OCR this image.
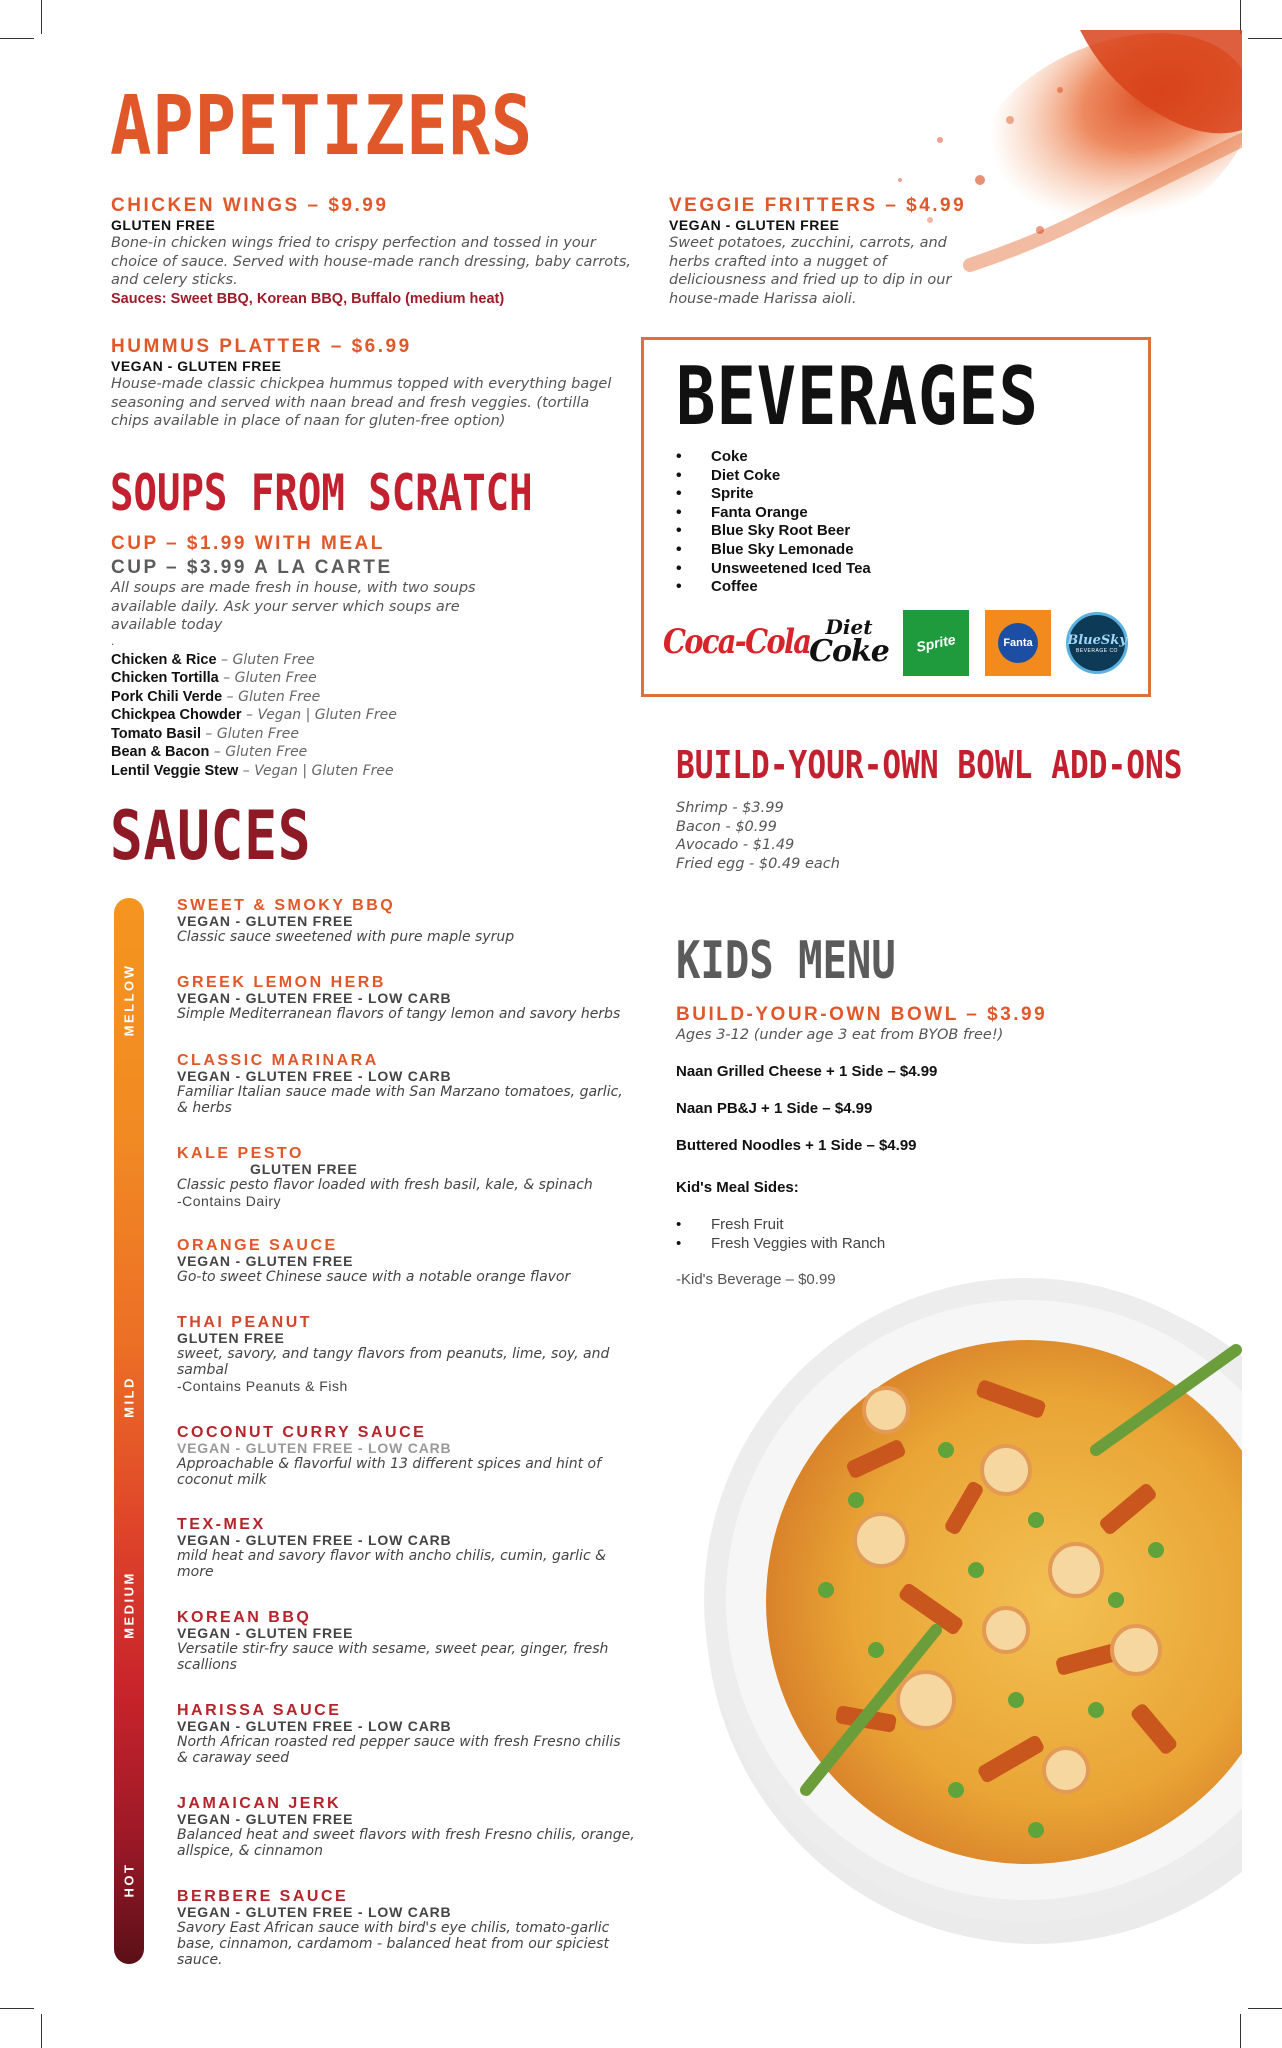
APPETIZERS
CHICKEN WINGS – $9.99
GLUTEN FREE
Bone-in chicken wings fried to crispy perfection and tossed in your choice of sauce. Served with house-made ranch dressing, baby carrots, and celery sticks.
Sauces: Sweet BBQ, Korean BBQ, Buffalo (medium heat)
HUMMUS PLATTER – $6.99
VEGAN - GLUTEN FREE
House-made classic chickpea hummus topped with everything bagel seasoning and served with naan bread and fresh veggies. (tortilla chips available in place of naan for gluten-free option)
VEGGIE FRITTERS – $4.99
VEGAN - GLUTEN FREE
Sweet potatoes, zucchini, carrots, and herbs crafted into a nugget of deliciousness and fried up to dip in our house-made Harissa aioli.
SOUPS FROM SCRATCH
CUP – $1.99 WITH MEAL
CUP – $3.99 A LA CARTE
All soups are made fresh in house, with two soups available daily. Ask your server which soups are available today
.
Chicken & Rice – Gluten Free
Chicken Tortilla – Gluten Free
Pork Chili Verde – Gluten Free
Chickpea Chowder – Vegan | Gluten Free
Tomato Basil – Gluten Free
Bean & Bacon – Gluten Free
Lentil Veggie Stew – Vegan | Gluten Free
SAUCES
MELLOW
MILD
MEDIUM
HOT
SWEET & SMOKY BBQ
VEGAN - GLUTEN FREE
Classic sauce sweetened with pure maple syrup
GREEK LEMON HERB
VEGAN - GLUTEN FREE - LOW CARB
Simple Mediterranean flavors of tangy lemon and savory herbs
CLASSIC MARINARA
VEGAN - GLUTEN FREE - LOW CARB
Familiar Italian sauce made with San Marzano tomatoes, garlic, & herbs
KALE PESTO
GLUTEN FREE
Classic pesto flavor loaded with fresh basil, kale, & spinach
-Contains Dairy
ORANGE SAUCE
VEGAN - GLUTEN FREE
Go-to sweet Chinese sauce with a notable orange flavor
THAI PEANUT
GLUTEN FREE
sweet, savory, and tangy flavors from peanuts, lime, soy, and sambal
-Contains Peanuts & Fish
COCONUT CURRY SAUCE
VEGAN - GLUTEN FREE - LOW CARB
Approachable & flavorful with 13 different spices and hint of coconut milk
TEX-MEX
VEGAN - GLUTEN FREE - LOW CARB
mild heat and savory flavor with ancho chilis, cumin, garlic & more
KOREAN BBQ
VEGAN - GLUTEN FREE
Versatile stir-fry sauce with sesame, sweet pear, ginger, fresh scallions
HARISSA SAUCE
VEGAN - GLUTEN FREE - LOW CARB
North African roasted red pepper sauce with fresh Fresno chilis & caraway seed
JAMAICAN JERK
VEGAN - GLUTEN FREE
Balanced heat and sweet flavors with fresh Fresno chilis, orange, allspice, & cinnamon
BERBERE SAUCE
VEGAN - GLUTEN FREE - LOW CARB
Savory East African sauce with bird's eye chilis, tomato-garlic base, cinnamon, cardamom - balanced heat from our spiciest sauce.
BEVERAGES
• Coke
• Diet Coke
• Sprite
• Fanta Orange
• Blue Sky Root Beer
• Blue Sky Lemonade
• Unsweetened Iced Tea
• Coffee
Coca-Cola Diet
Coke Sprite	Fanta	BlueSky
BEVERAGE CO
BUILD-YOUR-OWN BOWL ADD-ONS
Shrimp - $3.99
Bacon - $0.99
Avocado - $1.49
Fried egg - $0.49 each
KIDS MENU
BUILD-YOUR-OWN BOWL – $3.99
Ages 3-12 (under age 3 eat from BYOB free!)
Naan Grilled Cheese + 1 Side – $4.99
Naan PB&J + 1 Side – $4.99
Buttered Noodles + 1 Side – $4.99
Kid's Meal Sides:
• Fresh Fruit
• Fresh Veggies with Ranch
-Kid's Beverage – $0.99
